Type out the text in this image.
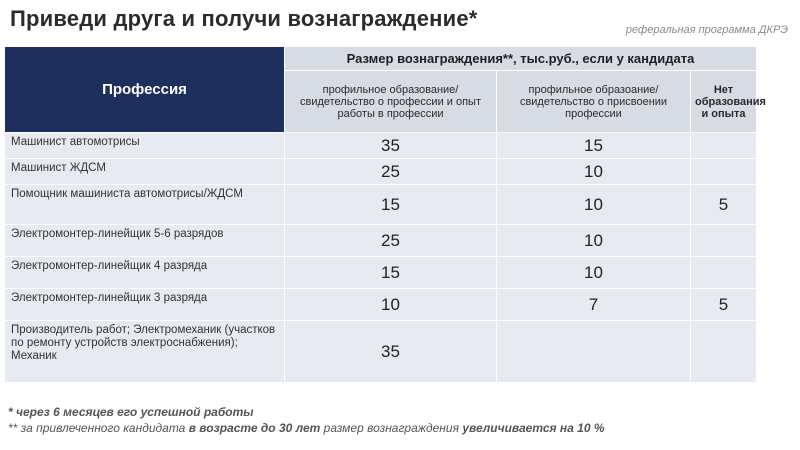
Приведи друга и получи вознаграждение*	реферальная программа ДКРЭ
Профессия	Размер вознаграждения**, тыс.руб., если у кандидата		
	профильное образование/свидетельство о профессии и опыт работы в профессии	профильное образоание/ свидетельство о присвоении профессии	Нет образования и опыта
Машинист автомотрисы	35	15	
Машинист ЖДСМ	25	10	
Помощник машиниста автомотрисы/ЖДСМ	15	10	5
Электромонтер-линейщик 5-6 разрядов	25	10	
Электромонтер-линейщик 4 разряда	15	10	
Электромонтер-линейщик 3 разряда	10	7	5
Производитель работ; Электромеханик (участков по ремонту устройств электроснабжения); Механик	35		
* через 6 месяцев его успешной работы
** за привлеченного кандидата в возрасте до 30 лет размер вознаграждения увеличивается на 10 %
